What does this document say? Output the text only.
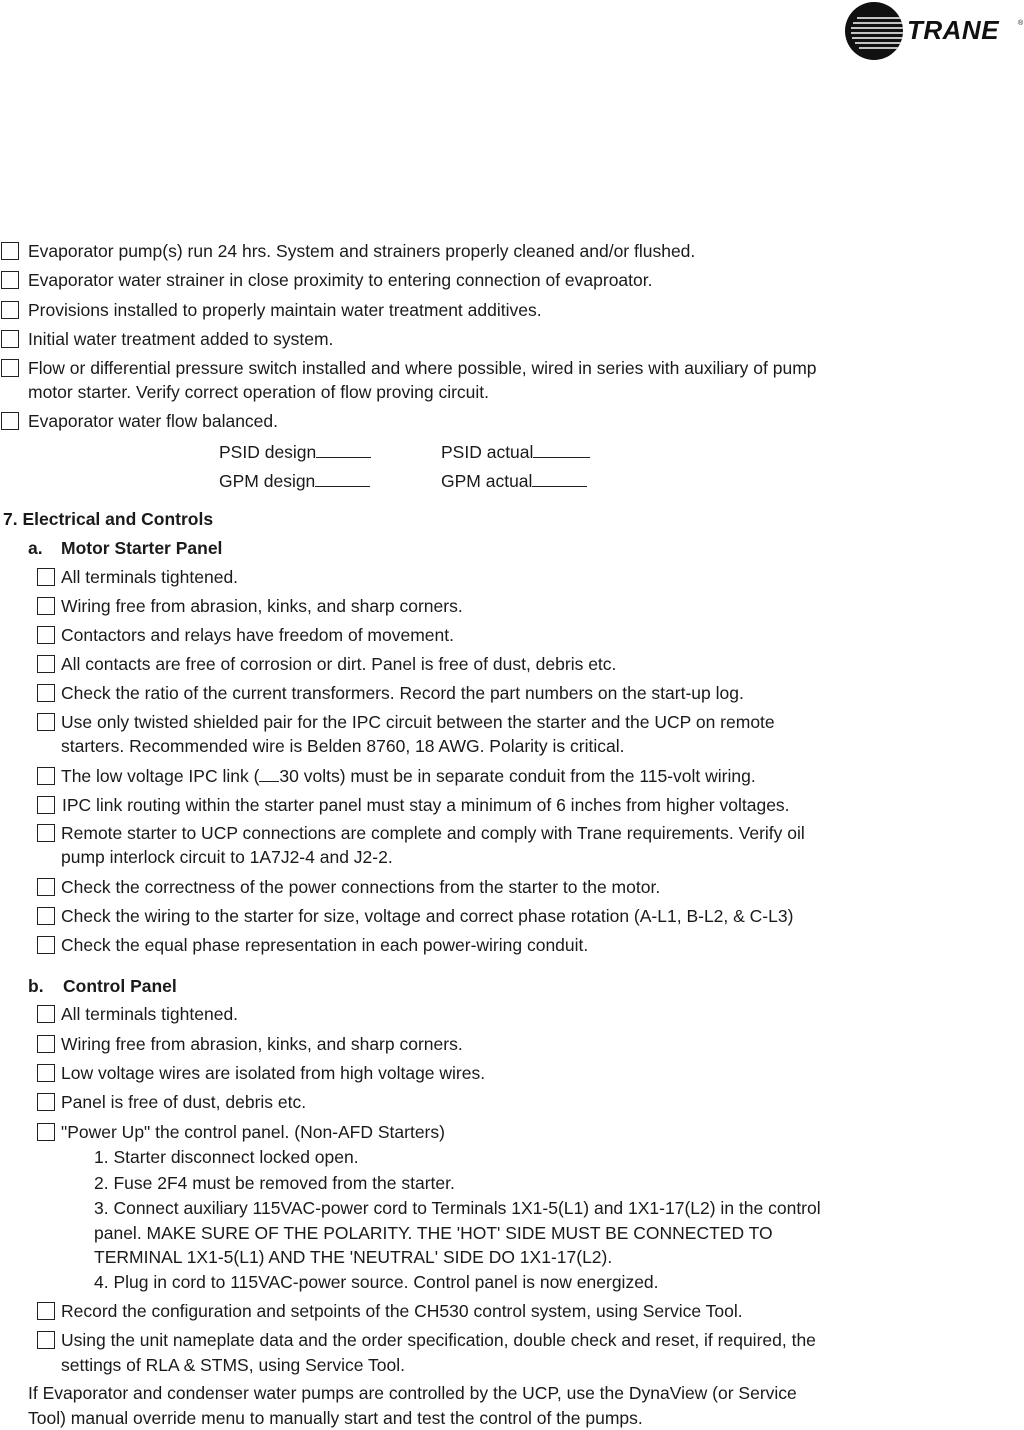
TRANE	®
Evaporator pump(s) run 24 hrs. System and strainers properly cleaned and/or flushed.
Evaporator water strainer in close proximity to entering connection of evaproator.
Provisions installed to properly maintain water treatment additives.
Initial water treatment added to system.
Flow or differential pressure switch installed and where possible, wired in series with auxiliary of pump
motor starter. Verify correct operation of flow proving circuit.
Evaporator water flow balanced.
PSID design	PSID actual
GPM design	GPM actual
7. Electrical and Controls
a. Motor Starter Panel
All terminals tightened.
Wiring free from abrasion, kinks, and sharp corners.
Contactors and relays have freedom of movement.
All contacts are free of corrosion or dirt. Panel is free of dust, debris etc.
Check the ratio of the current transformers. Record the part numbers on the start-up log.
Use only twisted shielded pair for the IPC circuit between the starter and the UCP on remote
starters. Recommended wire is Belden 8760, 18 AWG. Polarity is critical.
The low voltage IPC link ( 30 volts) must be in separate conduit from the 115-volt wiring.
IPC link routing within the starter panel must stay a minimum of 6 inches from higher voltages.
Remote starter to UCP connections are complete and comply with Trane requirements. Verify oil
pump interlock circuit to 1A7J2-4 and J2-2.
Check the correctness of the power connections from the starter to the motor.
Check the wiring to the starter for size, voltage and correct phase rotation (A-L1, B-L2, & C-L3)
Check the equal phase representation in each power-wiring conduit.
b. Control Panel
All terminals tightened.
Wiring free from abrasion, kinks, and sharp corners.
Low voltage wires are isolated from high voltage wires.
Panel is free of dust, debris etc.
"Power Up" the control panel. (Non-AFD Starters)
1. Starter disconnect locked open.
2. Fuse 2F4 must be removed from the starter.
3. Connect auxiliary 115VAC-power cord to Terminals 1X1-5(L1) and 1X1-17(L2) in the control
panel. MAKE SURE OF THE POLARITY. THE 'HOT' SIDE MUST BE CONNECTED TO
TERMINAL 1X1-5(L1) AND THE 'NEUTRAL' SIDE DO 1X1-17(L2).
4. Plug in cord to 115VAC-power source. Control panel is now energized.
Record the configuration and setpoints of the CH530 control system, using Service Tool.
Using the unit nameplate data and the order specification, double check and reset, if required, the
settings of RLA & STMS, using Service Tool.
If Evaporator and condenser water pumps are controlled by the UCP, use the DynaView (or Service
Tool) manual override menu to manually start and test the control of the pumps.
